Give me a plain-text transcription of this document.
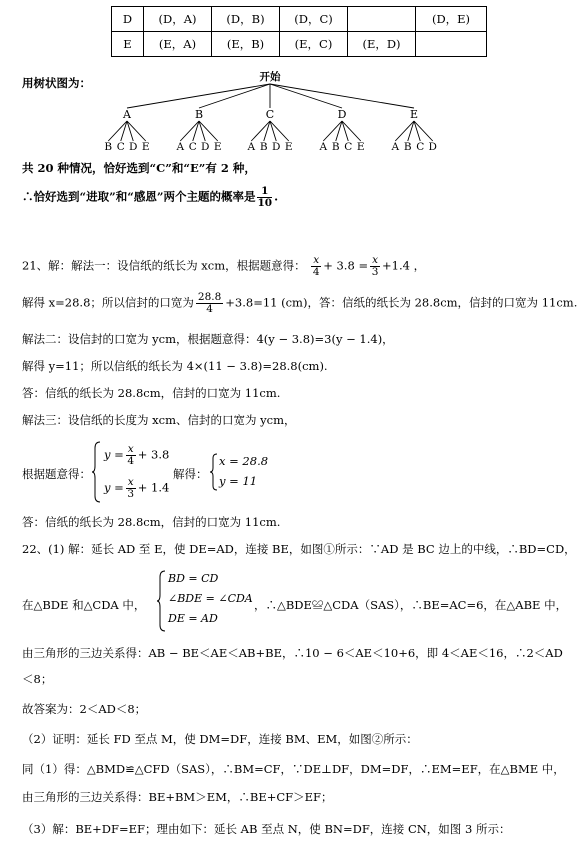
D	(D，A)	(D，B)	(D，C)		(D，E)
E	(E，A)	(E，B)	(E，C)	(E，D)	
用树状图为：	开始
A
B C D E
B
A C D E
C
A B D E
D
A B C E
E
A B C D
共 20 种情况，恰好选到“C”和“E”有 2 种，
∴恰好选到“进取”和“感恩”两个主题的概率是 $\frac{1}{10}$ .
21、解：解法一：设信纸的纸长为 xcm，根据题意得： $\frac{x}{4} + 3.8 = \frac{x}{3} +1.4$ ，
解得 x=28.8；所以信封的口宽为 $\frac{28.8}{4} +3.8=11$ (cm)，答：信纸的纸长为 28.8cm，信封的口宽为 11cm.
解法二：设信封的口宽为 ycm，根据题意得：4(y − 3.8)=3(y − 1.4)，
解得 y=11；所以信纸的纸长为 4×(11 − 3.8)=28.8(cm).
答：信纸的纸长为 28.8cm，信封的口宽为 11cm.
解法三：设信纸的长度为 xcm、信封的口宽为 ycm，
根据题意得：
$y = \frac{x}{4} + 3.8$
$y = \frac{x}{3} + 1.4$
解得：
x = 28.8
y = 11
答：信纸的纸长为 28.8cm，信封的口宽为 11cm.
22、(1) 解：延长 AD 至 E，使 DE=AD，连接 BE，如图①所示：∵AD 是 BC 边上的中线，∴BD=CD，
在△BDE 和△CDA 中，
BD = CD
∠BDE = ∠CDA
DE = AD
，∴△BDE≌△CDA（SAS），∴BE=AC=6，在△ABE 中，
由三角形的三边关系得：AB − BE＜AE＜AB+BE，∴10 − 6＜AE＜10+6，即 4＜AE＜16，∴2＜AD
＜8；
故答案为：2＜AD＜8；
（2）证明：延长 FD 至点 M，使 DM=DF，连接 BM、EM，如图②所示：
同（1）得：△BMD≌△CFD（SAS），∴BM=CF，∵DE⊥DF，DM=DF，∴EM=EF，在△BME 中，
由三角形的三边关系得：BE+BM＞EM，∴BE+CF＞EF；
（3）解：BE+DF=EF；理由如下：延长 AB 至点 N，使 BN=DF，连接 CN，如图 3 所示：
